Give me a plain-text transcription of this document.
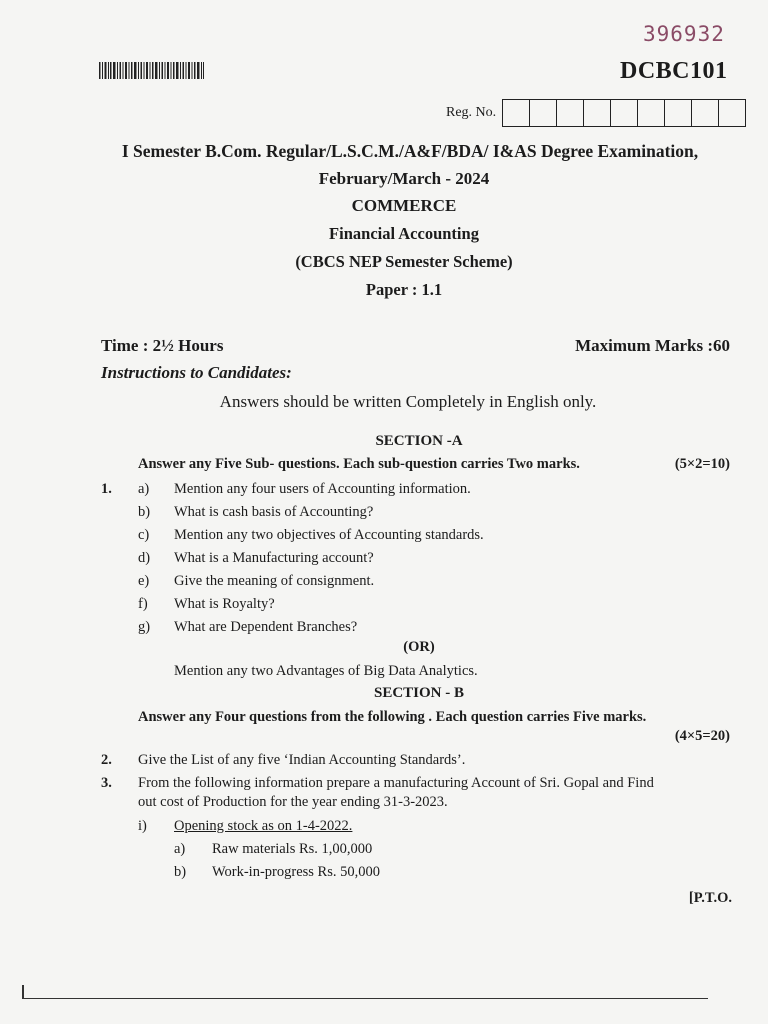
396932
DCBC101
Reg. No.
I Semester B.Com. Regular/L.S.C.M./A&F/BDA/ I&AS Degree Examination,
February/March - 2024
COMMERCE
Financial Accounting
(CBCS NEP Semester Scheme)
Paper : 1.1
Time : 2½ Hours	Maximum Marks :60
Instructions to Candidates:
Answers should be written Completely in English only.
SECTION -A
Answer any Five Sub- questions. Each sub-question carries Two marks.	(5×2=10)
1. a) Mention any four users of Accounting information.
b) What is cash basis of Accounting?
c) Mention any two objectives of Accounting standards.
d) What is a Manufacturing account?
e) Give the meaning of consignment.
f) What is Royalty?
g) What are Dependent Branches?
(OR)
Mention any two Advantages of Big Data Analytics.
SECTION - B
Answer any Four questions from the following . Each question carries Five marks.
(4×5=20)
2. Give the List of any five ‘Indian Accounting Standards’.
3. From the following information prepare a manufacturing Account of Sri. Gopal and Find
out cost of Production for the year ending 31-3-2023.
i) Opening stock as on 1-4-2022.
a) Raw materials Rs. 1,00,000
b) Work-in-progress Rs. 50,000
[P.T.O.
